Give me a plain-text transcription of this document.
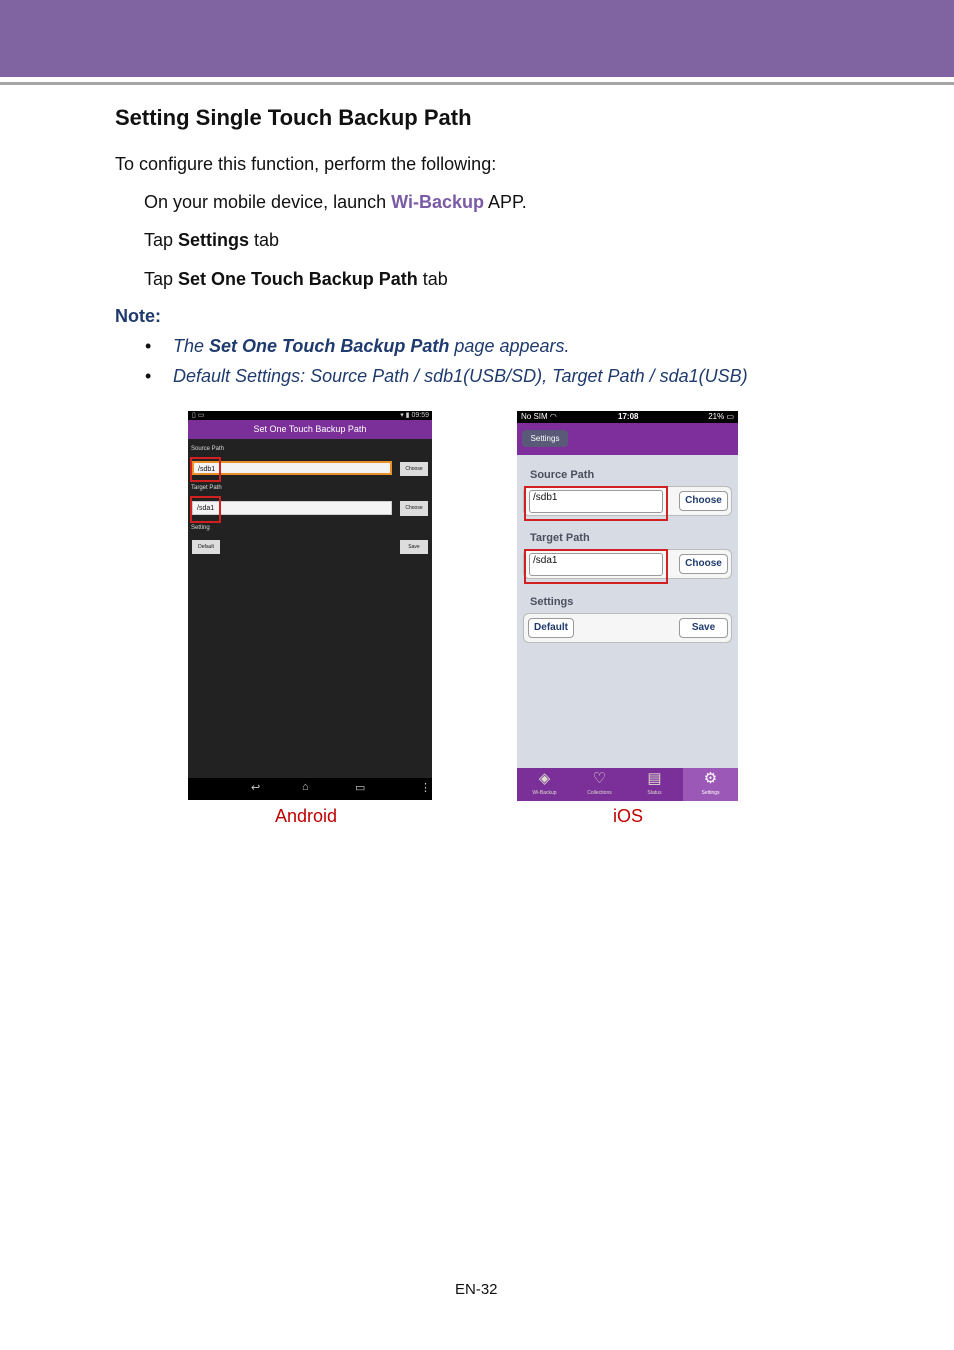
Setting Single Touch Backup Path
To configure this function, perform the following:
On your mobile device, launch Wi-Backup APP.
Tap Settings tab
Tap Set One Touch Backup Path tab
Note:
• The Set One Touch Backup Path page appears.
• Default Settings: Source Path / sdb1(USB/SD), Target Path / sda1(USB)
▯ ▭	▾ ▮ 09:59
Set One Touch Backup Path
Source Path
/sdb1	Choose
Target Path
/sda1	Choose
Setting
Default	Save
↩	⌂	▭	⋮
Android
No SIM ◠	17:08	21% ▭
Settings
Source Path
/sdb1	Choose
Target Path
/sda1	Choose
Settings
Default	Save
◈
Wi-Backup
♡
Collections
▤
Status
⚙
Settings
iOS
EN-32
